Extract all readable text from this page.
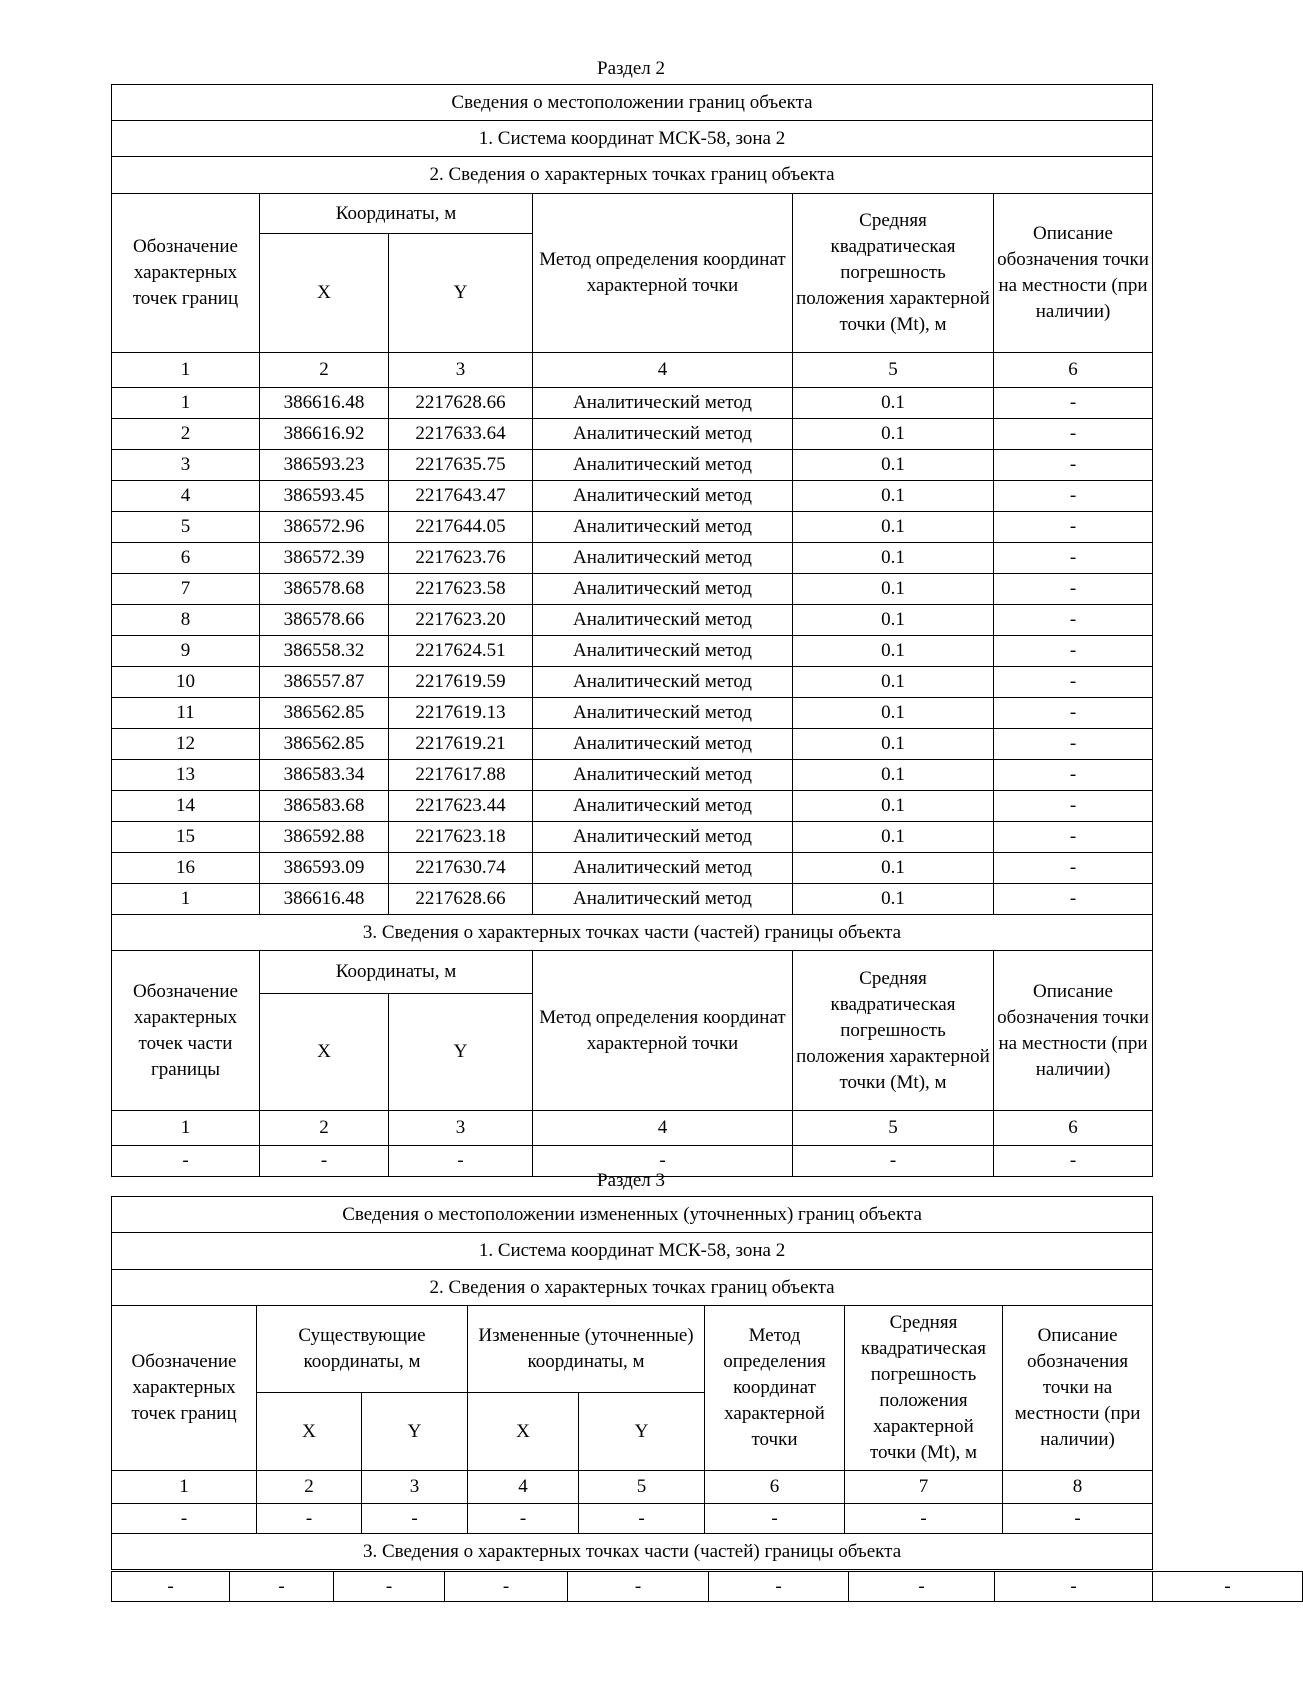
Раздел 2
Сведения о местоположении границ объекта					
1. Система координат МСК-58, зона 2					
2. Сведения о характерных точках границ объекта					
Обозначение характерных точек границ	Координаты, м		Метод определения координат характерной точки	Средняя квадратическая погрешность положения характерной точки (Mt), м	Описание обозначения точки на местности (при наличии)
	X	Y			
1	2	3	4	5	6
1	386616.48	2217628.66	Аналитический метод	0.1	-
2	386616.92	2217633.64	Аналитический метод	0.1	-
3	386593.23	2217635.75	Аналитический метод	0.1	-
4	386593.45	2217643.47	Аналитический метод	0.1	-
5	386572.96	2217644.05	Аналитический метод	0.1	-
6	386572.39	2217623.76	Аналитический метод	0.1	-
7	386578.68	2217623.58	Аналитический метод	0.1	-
8	386578.66	2217623.20	Аналитический метод	0.1	-
9	386558.32	2217624.51	Аналитический метод	0.1	-
10	386557.87	2217619.59	Аналитический метод	0.1	-
11	386562.85	2217619.13	Аналитический метод	0.1	-
12	386562.85	2217619.21	Аналитический метод	0.1	-
13	386583.34	2217617.88	Аналитический метод	0.1	-
14	386583.68	2217623.44	Аналитический метод	0.1	-
15	386592.88	2217623.18	Аналитический метод	0.1	-
16	386593.09	2217630.74	Аналитический метод	0.1	-
1	386616.48	2217628.66	Аналитический метод	0.1	-
3. Сведения о характерных точках части (частей) границы объекта					
Обозначение характерных точек части границы	Координаты, м		Метод определения координат характерной точки	Средняя квадратическая погрешность положения характерной точки (Mt), м	Описание обозначения точки на местности (при наличии)
	X	Y			
1	2	3	4	5	6
-	-	-	-	-	-
Раздел 3
Сведения о местоположении измененных (уточненных) границ объекта							
1. Система координат МСК-58, зона 2							
2. Сведения о характерных точках границ объекта							
Обозначение характерных точек границ	Существующие координаты, м		Измененные (уточненные) координаты, м		Метод определения координат характерной точки	Средняя квадратическая погрешность положения характерной точки (Mt), м	Описание обозначения точки на местности (при наличии)
	X	Y	X	Y			
1	2	3	4	5	6	7	8
-	-	-	-	-	-	-	-
3. Сведения о характерных точках части (частей) границы объекта							
-	-	-	-	-	-	-	-	-
